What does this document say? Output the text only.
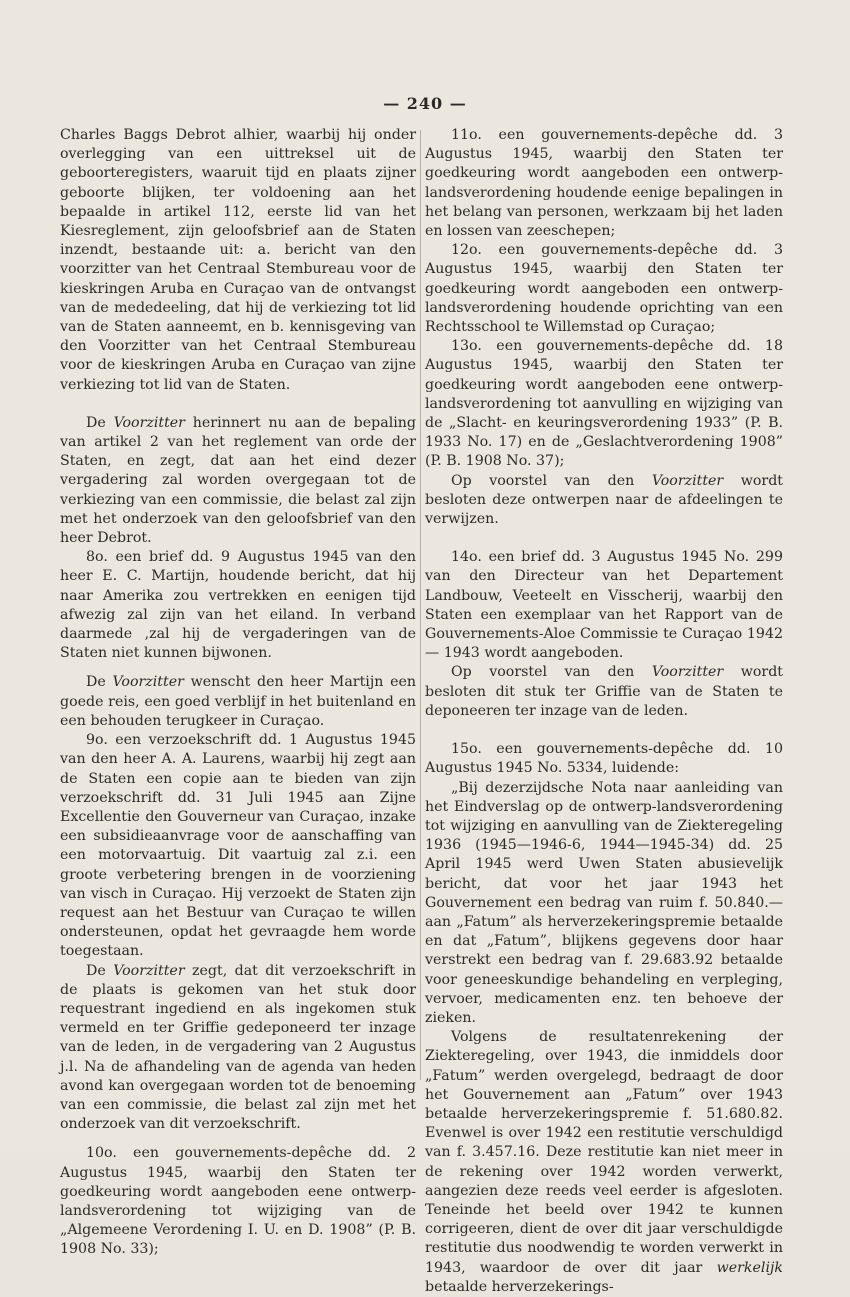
— 240 —

Charles Baggs Debrot alhier, waarbij hij onder overlegging van een uittreksel uit de geboorteregisters, waaruit tijd en plaats zijner geboorte blijken, ter voldoening aan het bepaalde in artikel 112, eerste lid van het Kiesreglement, zijn geloofsbrief aan de Staten inzendt, bestaande uit: a. bericht van den voorzitter van het Centraal Stembureau voor de kieskringen Aruba en Curaçao van de ontvangst van de mededeeling, dat hij de verkiezing tot lid van de Staten aanneemt, en b. kennisgeving van den Voorzitter van het Centraal Stembureau voor de kieskringen Aruba en Curaçao van zijne verkiezing tot lid van de Staten.

De Voorzitter herinnert nu aan de bepaling van artikel 2 van het reglement van orde der Staten, en zegt, dat aan het eind dezer vergadering zal worden overgegaan tot de verkiezing van een commissie, die belast zal zijn met het onderzoek van den geloofsbrief van den heer Debrot.

8o. een brief dd. 9 Augustus 1945 van den heer E. C. Martijn, houdende bericht, dat hij naar Amerika zou vertrekken en eenigen tijd afwezig zal zijn van het eiland. In verband daarmede ,zal hij de vergaderingen van de Staten niet kunnen bijwonen.

De Voorzitter wenscht den heer Martijn een goede reis, een goed verblijf in het buitenland en een behouden terugkeer in Curaçao.

9o. een verzoekschrift dd. 1 Augustus 1945 van den heer A. A. Laurens, waarbij hij zegt aan de Staten een copie aan te bieden van zijn verzoekschrift dd. 31 Juli 1945 aan Zijne Excellentie den Gouverneur van Curaçao, inzake een subsidieaanvrage voor de aanschaffing van een motorvaartuig. Dit vaartuig zal z.i. een groote verbetering brengen in de voorziening van visch in Curaçao. Hij verzoekt de Staten zijn request aan het Bestuur van Curaçao te willen ondersteunen, opdat het gevraagde hem worde toegestaan.

De Voorzitter zegt, dat dit verzoekschrift in de plaats is gekomen van het stuk door requestrant ingediend en als ingekomen stuk vermeld en ter Griffie gedeponeerd ter inzage van de leden, in de vergadering van 2 Augustus j.l. Na de afhandeling van de agenda van heden avond kan overgegaan worden tot de benoeming van een commissie, die belast zal zijn met het onderzoek van dit verzoekschrift.

10o. een gouvernements-depêche dd. 2 Augustus 1945, waarbij den Staten ter goedkeuring wordt aangeboden eene ontwerp-landsverordening tot wijziging van de „Algemeene Verordening I. U. en D. 1908” (P. B. 1908 No. 33);

11o. een gouvernements-depêche dd. 3 Augustus 1945, waarbij den Staten ter goedkeuring wordt aangeboden een ontwerp-landsverordening houdende eenige bepalingen in het belang van personen, werkzaam bij het laden en lossen van zeeschepen;

12o. een gouvernements-depêche dd. 3 Augustus 1945, waarbij den Staten ter goedkeuring wordt aangeboden een ontwerp-landsverordening houdende oprichting van een Rechtsschool te Willemstad op Curaçao;

13o. een gouvernements-depêche dd. 18 Augustus 1945, waarbij den Staten ter goedkeuring wordt aangeboden eene ontwerp-landsverordening tot aanvulling en wijziging van de „Slacht- en keuringsverordening 1933” (P. B. 1933 No. 17) en de „Geslachtverordening 1908” (P. B. 1908 No. 37);

Op voorstel van den Voorzitter wordt besloten deze ontwerpen naar de afdeelingen te verwijzen.

14o. een brief dd. 3 Augustus 1945 No. 299 van den Directeur van het Departement Landbouw, Veeteelt en Visscherij, waarbij den Staten een exemplaar van het Rapport van de Gouvernements-Aloe Commissie te Curaçao 1942— 1943 wordt aangeboden.

Op voorstel van den Voorzitter wordt besloten dit stuk ter Griffie van de Staten te deponeeren ter inzage van de leden.

15o. een gouvernements-depêche dd. 10 Augustus 1945 No. 5334, luidende:

„Bij dezerzijdsche Nota naar aanleiding van het Eindverslag op de ontwerp-landsverordening tot wijziging en aanvulling van de Ziekteregeling 1936 (1945—1946-6, 1944—1945-34) dd. 25 April 1945 werd Uwen Staten abusievelijk bericht, dat voor het jaar 1943 het Gouvernement een bedrag van ruim f. 50.840.— aan „Fatum” als herverzekeringspremie betaalde en dat „Fatum”, blijkens gegevens door haar verstrekt een bedrag van f. 29.683.92 betaalde voor geneeskundige behandeling en verpleging, vervoer, medicamenten enz. ten behoeve der zieken.

Volgens de resultatenrekening der Ziekteregeling, over 1943, die inmiddels door „Fatum” werden overgelegd, bedraagt de door het Gouvernement aan „Fatum” over 1943 betaalde herverzekeringspremie f. 51.680.82. Evenwel is over 1942 een restitutie verschuldigd van f. 3.457.16. Deze restitutie kan niet meer in de rekening over 1942 worden verwerkt, aangezien deze reeds veel eerder is afgesloten. Teneinde het beeld over 1942 te kunnen corrigeeren, dient de over dit jaar verschuldigde restitutie dus noodwendig te worden verwerkt in 1943, waardoor de over dit jaar werkelijk betaalde herverzekerings-
